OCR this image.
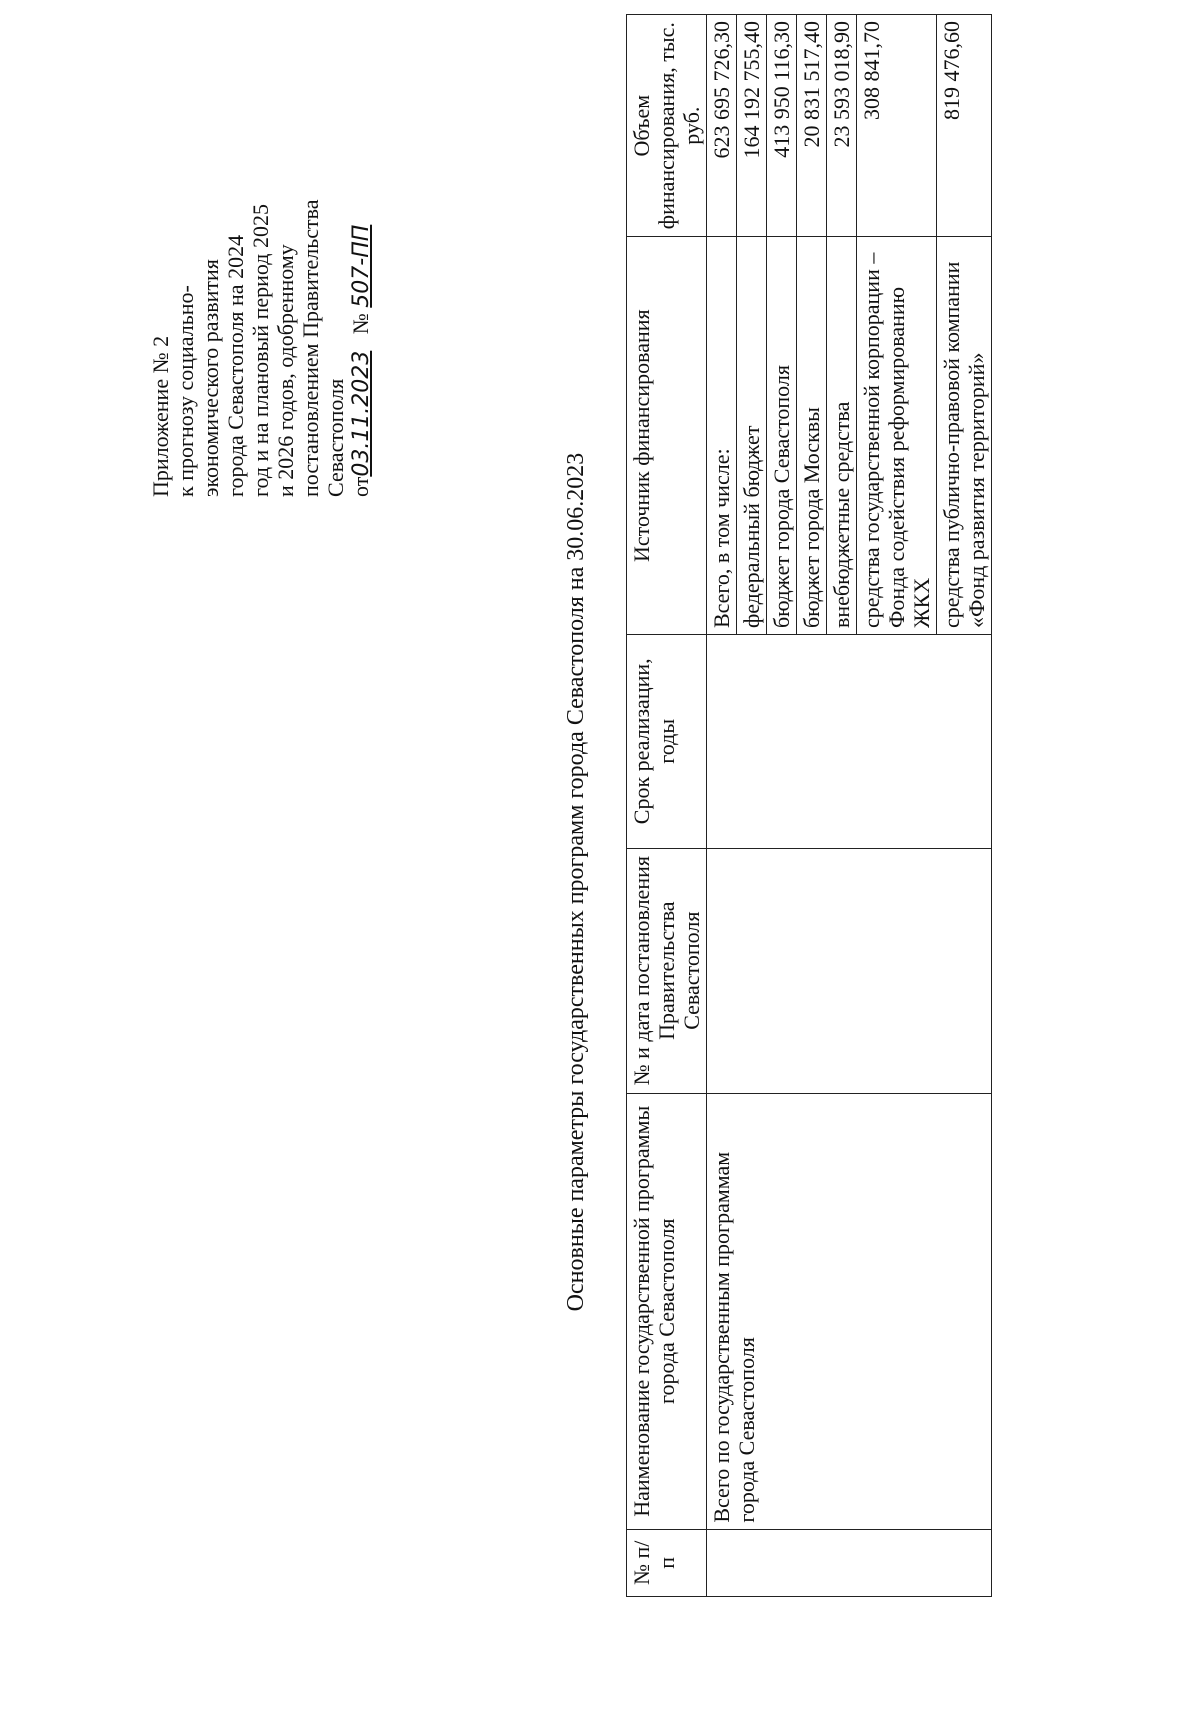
Приложение № 2 к прогнозу социально- экономического развития города Севастополя на 2024 год и на плановый период 2025 и 2026 годов, одобренному постановлением Правительства Севастополя от03.11.2023   № 507-ПП
Основные параметры государственных программ города Севастополя на 30.06.2023
№ п/п	Наименование государственной программы города Севастополя	№ и дата постановления Правительства Севастополя	Срок реализации, годы	Источник финансирования	Объем финансирования, тыс. руб.
	Всего по государственным программам города Севастополя			Всего, в том числе:	623 695 726,30
				федеральный бюджет	164 192 755,40
				бюджет города Севастополя	413 950 116,30
				бюджет города Москвы	20 831 517,40
				внебюджетные средства	23 593 018,90
				средства государственной корпорации – Фонда содействия реформированию ЖКХ	308 841,70
				средства публично-правовой компании «Фонд развития территорий»	819 476,60
